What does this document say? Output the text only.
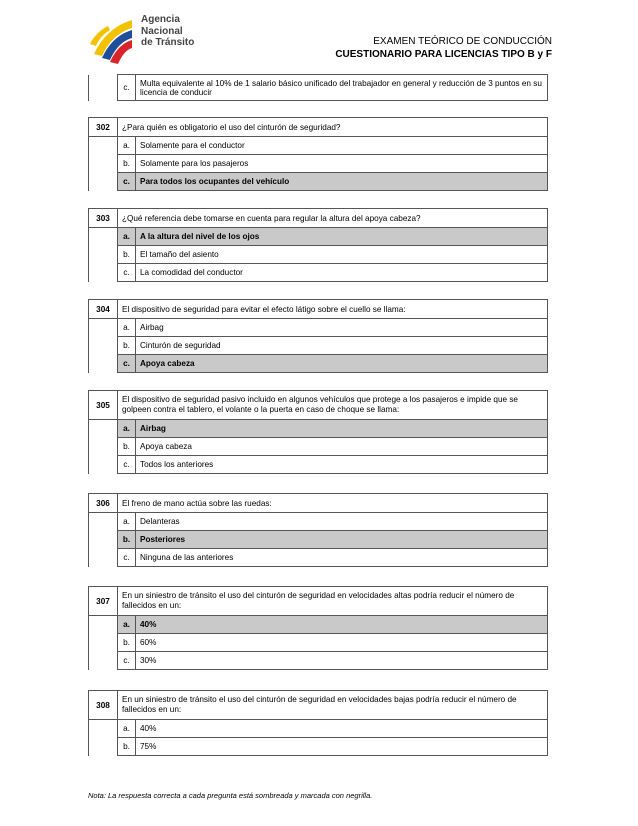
Agencia
Nacional
de Tránsito	EXAMEN TEÓRICO DE CONDUCCIÓN
CUESTIONARIO PARA LICENCIAS TIPO B y F
	c.	Multa equivalente al 10% de 1 salario básico unificado del trabajador en general y reducción de 3 puntos en su licencia de conducir
302	¿Para quién es obligatorio el uso del cinturón de seguridad?	
	a.	Solamente para el conductor
	b.	Solamente para los pasajeros
	c.	Para todos los ocupantes del vehículo
303	¿Qué referencia debe tomarse en cuenta para regular la altura del apoya cabeza?	
	a.	A la altura del nivel de los ojos
	b.	El tamaño del asiento
	c.	La comodidad del conductor
304	El dispositivo de seguridad para evitar el efecto látigo sobre el cuello se llama:	
	a.	Airbag
	b.	Cinturón de seguridad
	c.	Apoya cabeza
305	El dispositivo de seguridad pasivo incluido en algunos vehículos que protege a los pasajeros e impide que se golpeen contra el tablero, el volante o la puerta en caso de choque se llama:	
	a.	Airbag
	b.	Apoya cabeza
	c.	Todos los anteriores
306	El freno de mano actúa sobre las ruedas:	
	a.	Delanteras
	b.	Posteriores
	c.	Ninguna de las anteriores
307	En un siniestro de tránsito el uso del cinturón de seguridad en velocidades altas podría reducir el número de fallecidos en un:	
	a.	40%
	b.	60%
	c.	30%
308	En un siniestro de tránsito el uso del cinturón de seguridad en velocidades bajas podría reducir el número de fallecidos en un:	
	a.	40%
	b.	75%
Nota: La respuesta correcta a cada pregunta está sombreada y marcada con negrilla.
